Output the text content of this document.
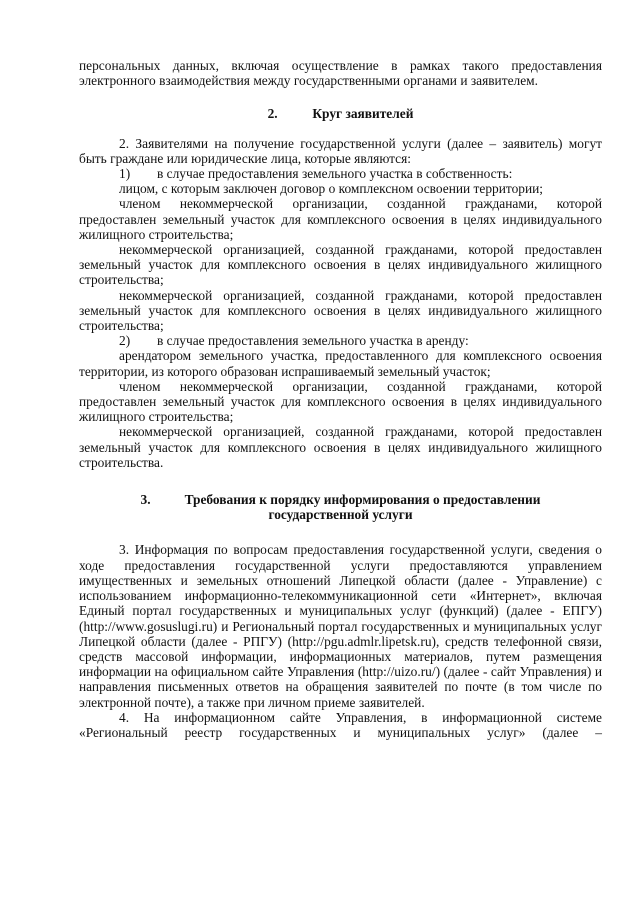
персональных данных, включая осуществление в рамках такого предоставления
электронного взаимодействия между государственными органами и заявителем.
2.	Круг заявителей
2. Заявителями на получение государственной услуги (далее – заявитель) могут быть граждане или юридические лица, которые являются:
1) в случае предоставления земельного участка в собственность:
лицом, с которым заключен договор о комплексном освоении территории;
членом некоммерческой организации, созданной гражданами, которой предоставлен земельный участок для комплексного освоения в целях индивидуального жилищного строительства;
некоммерческой организацией, созданной гражданами, которой предоставлен земельный участок для комплексного освоения в целях индивидуального жилищного строительства;
некоммерческой организацией, созданной гражданами, которой предоставлен земельный участок для комплексного освоения в целях индивидуального жилищного строительства;
2) в случае предоставления земельного участка в аренду:
арендатором земельного участка, предоставленного для комплексного освоения территории, из которого образован испрашиваемый земельный участок;
членом некоммерческой организации, созданной гражданами, которой предоставлен земельный участок для комплексного освоения в целях индивидуального жилищного строительства;
некоммерческой организацией, созданной гражданами, которой предоставлен земельный участок для комплексного освоения в целях индивидуального жилищного строительства.
3.	Требования к порядку информирования о предоставлении
государственной услуги
3. Информация по вопросам предоставления государственной услуги, сведения о ходе предоставления государственной услуги предоставляются управлением имущественных и земельных отношений Липецкой области (далее - Управление) с использованием информационно-телекоммуникационной сети «Интернет», включая Единый портал государственных и муниципальных услуг (функций) (далее - ЕПГУ) (http://www.gosuslugi.ru) и Региональный портал государственных и муниципальных услуг Липецкой области (далее - РПГУ) (http://pgu.admlr.lipetsk.ru), средств телефонной связи, средств массовой информации, информационных материалов, путем размещения информации на официальном сайте Управления (http://uizo.ru/) (далее - сайт Управления) и направления письменных ответов на обращения заявителей по почте (в том числе по электронной почте), а также при личном приеме заявителей.
4. На информационном сайте Управления, в информационной системе
«Региональный реестр государственных и муниципальных услуг» (далее –
